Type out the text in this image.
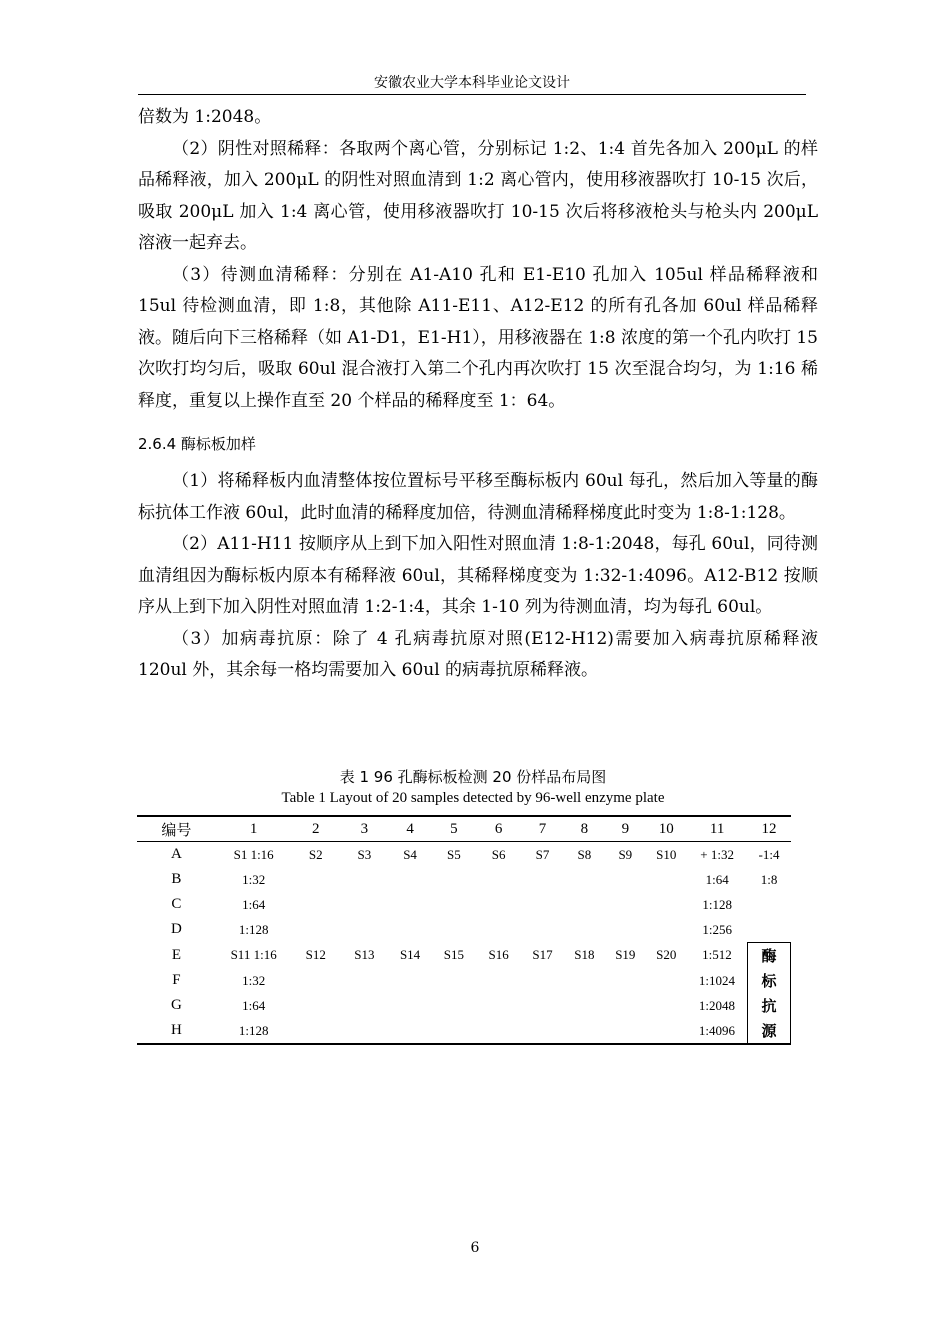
安徽农业大学本科毕业论文设计

倍数为 1:2048。

（2）阴性对照稀释：各取两个离心管，分别标记 1:2、1:4 首先各加入 200μL 的样品稀释液，加入 200μL 的阴性对照血清到 1:2 离心管内，使用移液器吹打 10-15 次后，吸取 200μL 加入 1:4 离心管，使用移液器吹打 10-15 次后将移液枪头与枪头内 200μL 溶液一起弃去。

（3）待测血清稀释：分别在 A1-A10 孔和 E1-E10 孔加入 105ul 样品稀释液和 15ul 待检测血清，即 1:8，其他除 A11-E11、A12-E12 的所有孔各加 60ul 样品稀释液。随后向下三格稀释（如 A1-D1，E1-H1），用移液器在 1:8 浓度的第一个孔内吹打 15 次吹打均匀后，吸取 60ul 混合液打入第二个孔内再次吹打 15 次至混合均匀，为 1:16 稀释度，重复以上操作直至 20 个样品的稀释度至 1：64。

2.6.4 酶标板加样

（1）将稀释板内血清整体按位置标号平移至酶标板内 60ul 每孔，然后加入等量的酶标抗体工作液 60ul，此时血清的稀释度加倍，待测血清稀释梯度此时变为 1:8-1:128。

（2）A11-H11 按顺序从上到下加入阳性对照血清 1:8-1:2048，每孔 60ul，同待测血清组因为酶标板内原本有稀释液 60ul，其稀释梯度变为 1:32-1:4096。A12-B12 按顺序从上到下加入阴性对照血清 1:2-1:4，其余 1-10 列为待测血清，均为每孔 60ul。

（3）加病毒抗原：除了 4 孔病毒抗原对照(E12-H12)需要加入病毒抗原稀释液 120ul 外，其余每一格均需要加入 60ul 的病毒抗原稀释液。

表 1 96 孔酶标板检测 20 份样品布局图
Table 1 Layout of 20 samples detected by 96-well enzyme plate
编号	1	2	3	4	5	6	7	8	9	10	11	12
A	S1 1:16	S2	S3	S4	S5	S6	S7	S8	S9	S10	+ 1:32	-1:4
B	1:32										1:64	1:8
C	1:64										1:128	
D	1:128										1:256	
E	S11 1:16	S12	S13	S14	S15	S16	S17	S18	S19	S20	1:512	酶
F	1:32										1:1024	标
G	1:64										1:2048	抗
H	1:128										1:4096	源
6
